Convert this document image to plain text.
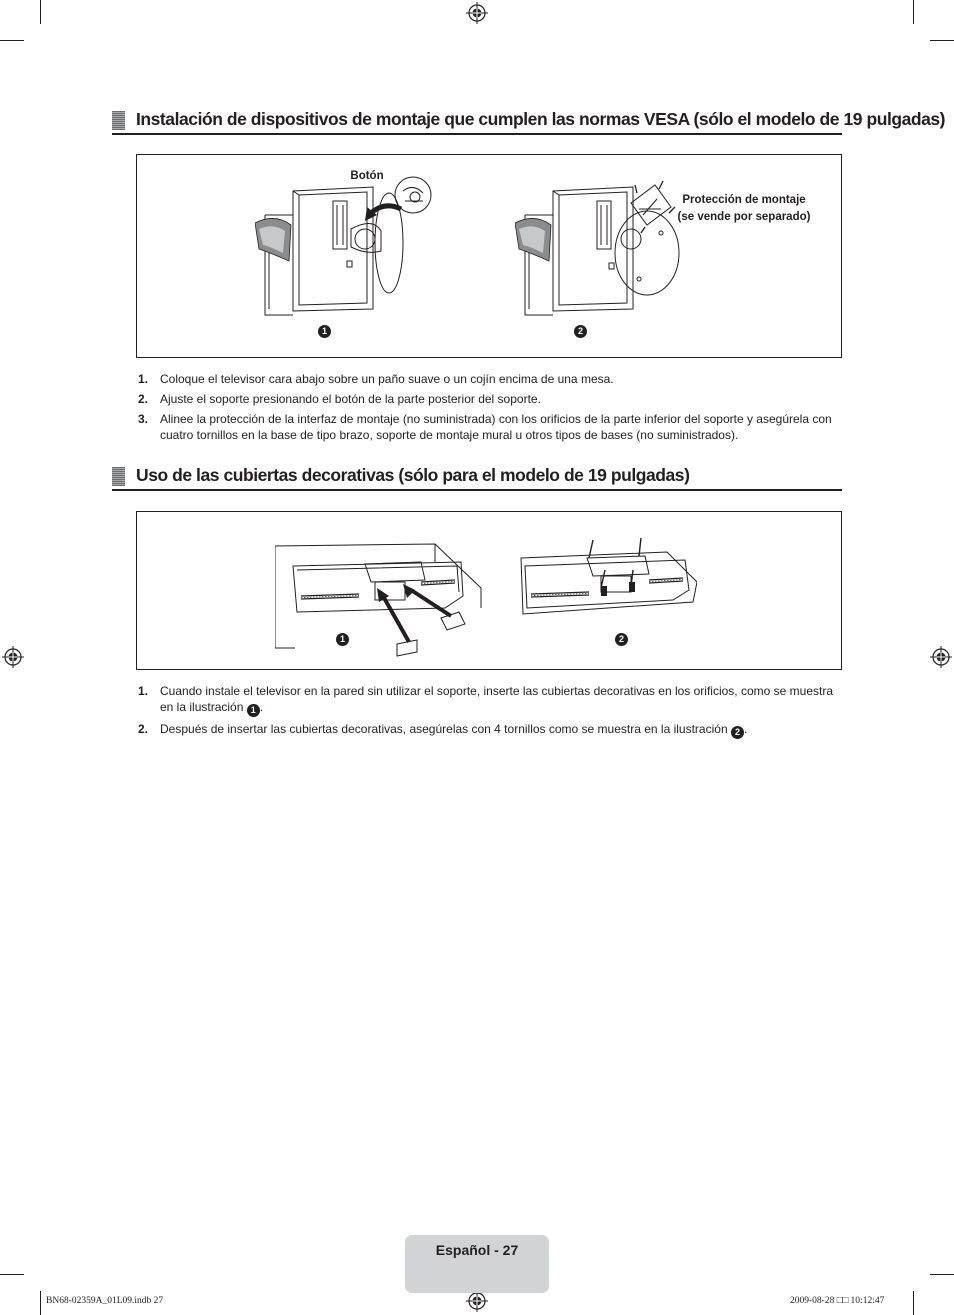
Instalación de dispositivos de montaje que cumplen las normas VESA (sólo el modelo de 19 pulgadas)
Botón
1
Protección de montaje
(se vende por separado)
2
1. Coloque el televisor cara abajo sobre un paño suave o un cojín encima de una mesa.
2. Ajuste el soporte presionando el botón de la parte posterior del soporte.
3. Alinee la protección de la interfaz de montaje (no suministrada) con los orificios de la parte inferior del soporte y asegúrela con cuatro tornillos en la base de tipo brazo, soporte de montaje mural u otros tipos de bases (no suministrados).
Uso de las cubiertas decorativas (sólo para el modelo de 19 pulgadas)
1	2
1. Cuando instale el televisor en la pared sin utilizar el soporte, inserte las cubiertas decorativas en los orificios, como se muestra en la ilustración 1 .
2. Después de insertar las cubiertas decorativas, asegúrelas con 4 tornillos como se muestra en la ilustración 2 .
Español - 27
BN68-02359A_01L09.indb 27	2009-08-28 □□ 10:12:47
